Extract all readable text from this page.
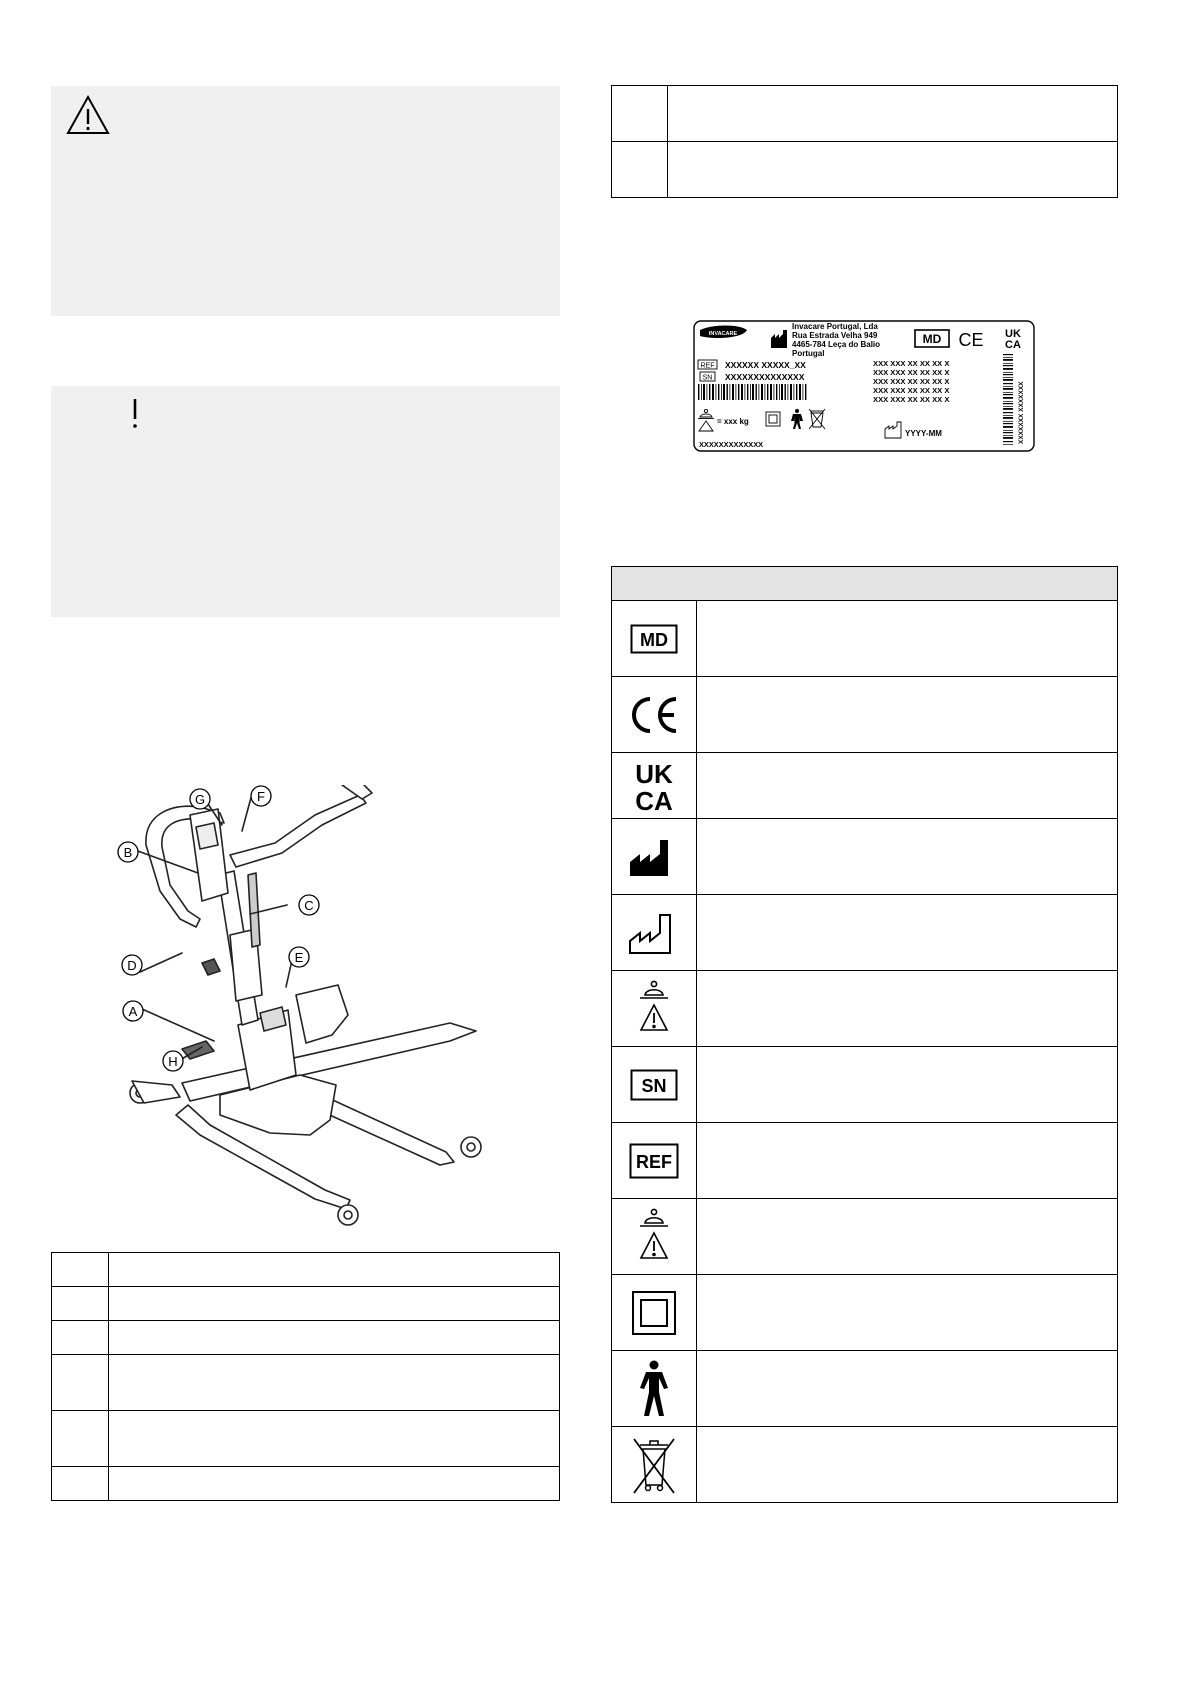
G	F
B
C
D
E
A
H

INVACARE
Invacare Portugal, Lda
Rua Estrada Velha 949
4465-784 Leça do Balio
Portugal
MD CE UK
CA
REF XXXXXX XXXXX_XX
SN XXXXXXXXXXXXXX
XXX XXX XX XX XX X
XXX XXX XX XX XX X
XXX XXX XX XX XX X
XXX XXX XX XX XX X
XXX XXX XX XX XX X
= xxx kg
YYYY-MM
XXXXXXXXXXXXX
XXXXXXX XXXXXXX

MD	

UK
CA	

SN	

REF	
